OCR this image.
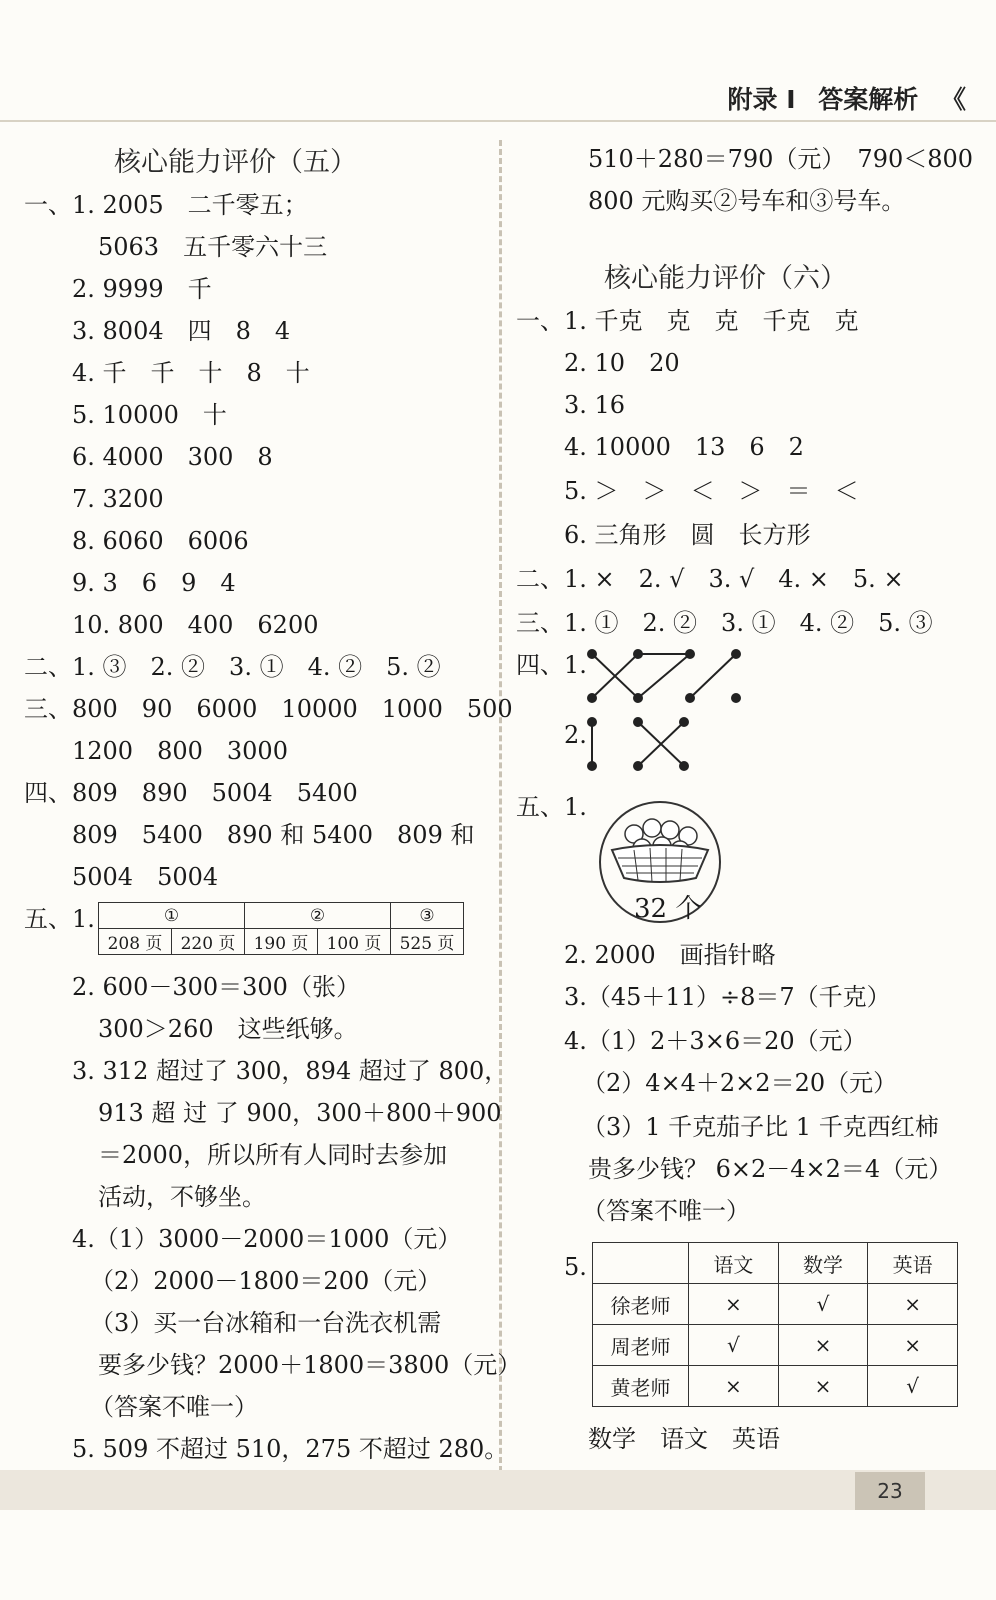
附录 I 答案解析 《
核心能力评价（五）
一、1. 2005　二千零五；
5063　五千零六十三
2. 9999　千
3. 8004　四　8　4
4. 千　千　十　8　十
5. 10000　十
6. 4000　300　8
7. 3200
8. 6060　6006
9. 3　6　9　4
10. 800　400　6200
二、1. ③　2. ②　3. ①　4. ②　5. ②
三、800　90　6000　10000　1000　500
1200　800　3000
四、809　890　5004　5400
809　5400　890 和 5400　809 和
5004　5004
五、1.	①		②		③
208 页	220 页	190 页	100 页	525 页
2. 600－300＝300（张）
300＞260　这些纸够。
3. 312 超过了 300，894 超过了 800，
913 超 过 了 900，300＋800＋900
＝2000，所以所有人同时去参加
活动，不够坐。
4.（1）3000－2000＝1000（元）
（2）2000－1800＝200（元）
（3）买一台冰箱和一台洗衣机需
要多少钱？2000＋1800＝3800（元）
（答案不唯一）
5. 509 不超过 510，275 不超过 280。
510＋280＝790（元）　790＜800
800 元购买②号车和③号车。
核心能力评价（六）
一、1. 千克　克　克　千克　克
2. 10　20
3. 16
4. 10000　13　6　2
5. ＞　＞　＜　＞　＝　＜
6. 三角形　圆　长方形
二、1. ×　2. √　3. √　4. ×　5. ×
三、1. ①　2. ②　3. ①　4. ②　5. ③
四、1.
2.
五、1.
32 个
2. 2000　画指针略
3.（45＋11）÷8＝7（千克）
4.（1）2＋3×6＝20（元）
（2）4×4＋2×2＝20（元）
（3）1 千克茄子比 1 千克西红柿
贵多少钱？ 6×2－4×2＝4（元）
（答案不唯一）
5.
		语文	数学	英语
徐老师	×	√	×
周老师	√	×	×
黄老师	×	×	√
数学　语文　英语
23
